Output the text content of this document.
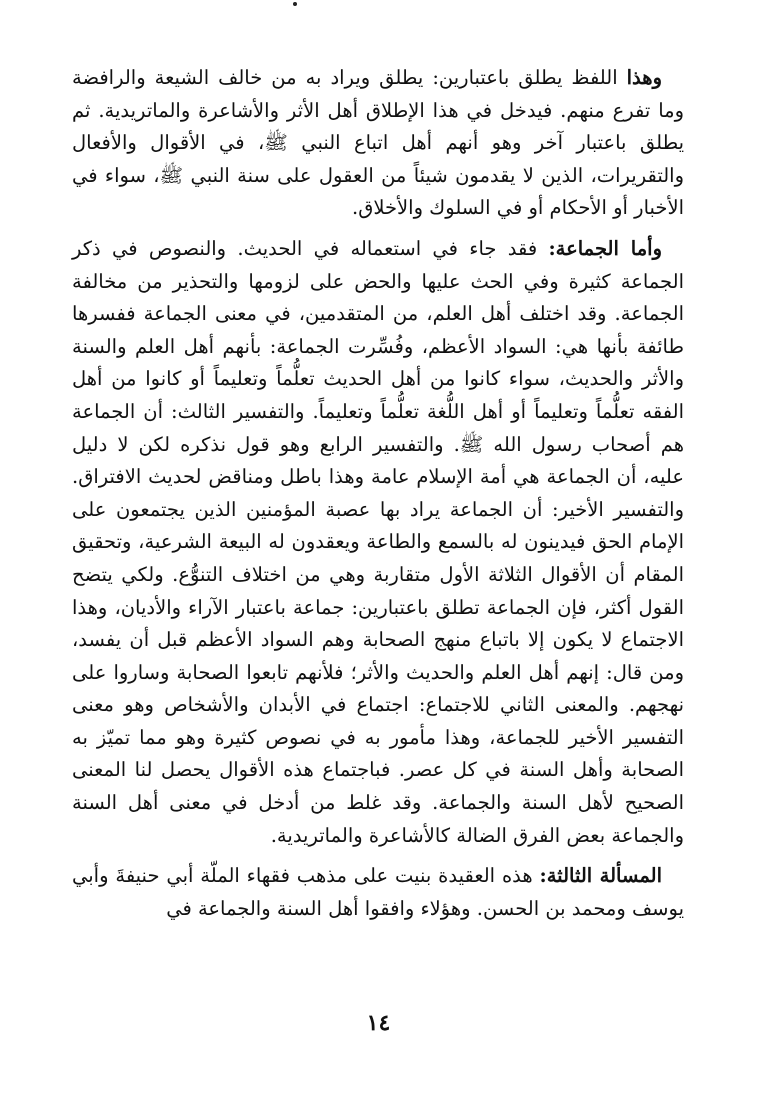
وهذا اللفظ يطلق باعتبارين: يطلق ويراد به من خالف الشيعة والرافضة وما تفرع منهم. فيدخل في هذا الإطلاق أهل الأثر والأشاعرة والماتريدية. ثم يطلق باعتبار آخر وهو أنهم أهل اتباع النبي ﷺ، في الأقوال والأفعال والتقريرات، الذين لا يقدمون شيئاً من العقول على سنة النبي ﷺ، سواء في الأخبار أو الأحكام أو في السلوك والأخلاق.

وأما الجماعة: فقد جاء في استعماله في الحديث. والنصوص في ذكر الجماعة كثيرة وفي الحث عليها والحض على لزومها والتحذير من مخالفة الجماعة. وقد اختلف أهل العلم، من المتقدمين، في معنى الجماعة ففسرها طائفة بأنها هي: السواد الأعظم، وفُسِّرت الجماعة: بأنهم أهل العلم والسنة والأثر والحديث، سواء كانوا من أهل الحديث تعلُّماً وتعليماً أو كانوا من أهل الفقه تعلُّماً وتعليماً أو أهل اللُّغة تعلُّماً وتعليماً. والتفسير الثالث: أن الجماعة هم أصحاب رسول الله ﷺ. والتفسير الرابع وهو قول نذكره لكن لا دليل عليه، أن الجماعة هي أمة الإسلام عامة وهذا باطل ومناقض لحديث الافتراق. والتفسير الأخير: أن الجماعة يراد بها عصبة المؤمنين الذين يجتمعون على الإمام الحق فيدينون له بالسمع والطاعة ويعقدون له البيعة الشرعية، وتحقيق المقام أن الأقوال الثلاثة الأول متقاربة وهي من اختلاف التنوُّع. ولكي يتضح القول أكثر، فإن الجماعة تطلق باعتبارين: جماعة باعتبار الآراء والأديان، وهذا الاجتماع لا يكون إلا باتباع منهج الصحابة وهم السواد الأعظم قبل أن يفسد، ومن قال: إنهم أهل العلم والحديث والأثر؛ فلأنهم تابعوا الصحابة وساروا على نهجهم. والمعنى الثاني للاجتماع: اجتماع في الأبدان والأشخاص وهو معنى التفسير الأخير للجماعة، وهذا مأمور به في نصوص كثيرة وهو مما تميّز به الصحابة وأهل السنة في كل عصر. فباجتماع هذه الأقوال يحصل لنا المعنى الصحيح لأهل السنة والجماعة. وقد غلط من أدخل في معنى أهل السنة والجماعة بعض الفرق الضالة كالأشاعرة والماتريدية.

المسألة الثالثة: هذه العقيدة بنيت على مذهب فقهاء الملّة أبي حنيفةَ وأبي يوسف ومحمد بن الحسن. وهؤلاء وافقوا أهل السنة والجماعة في

١٤
